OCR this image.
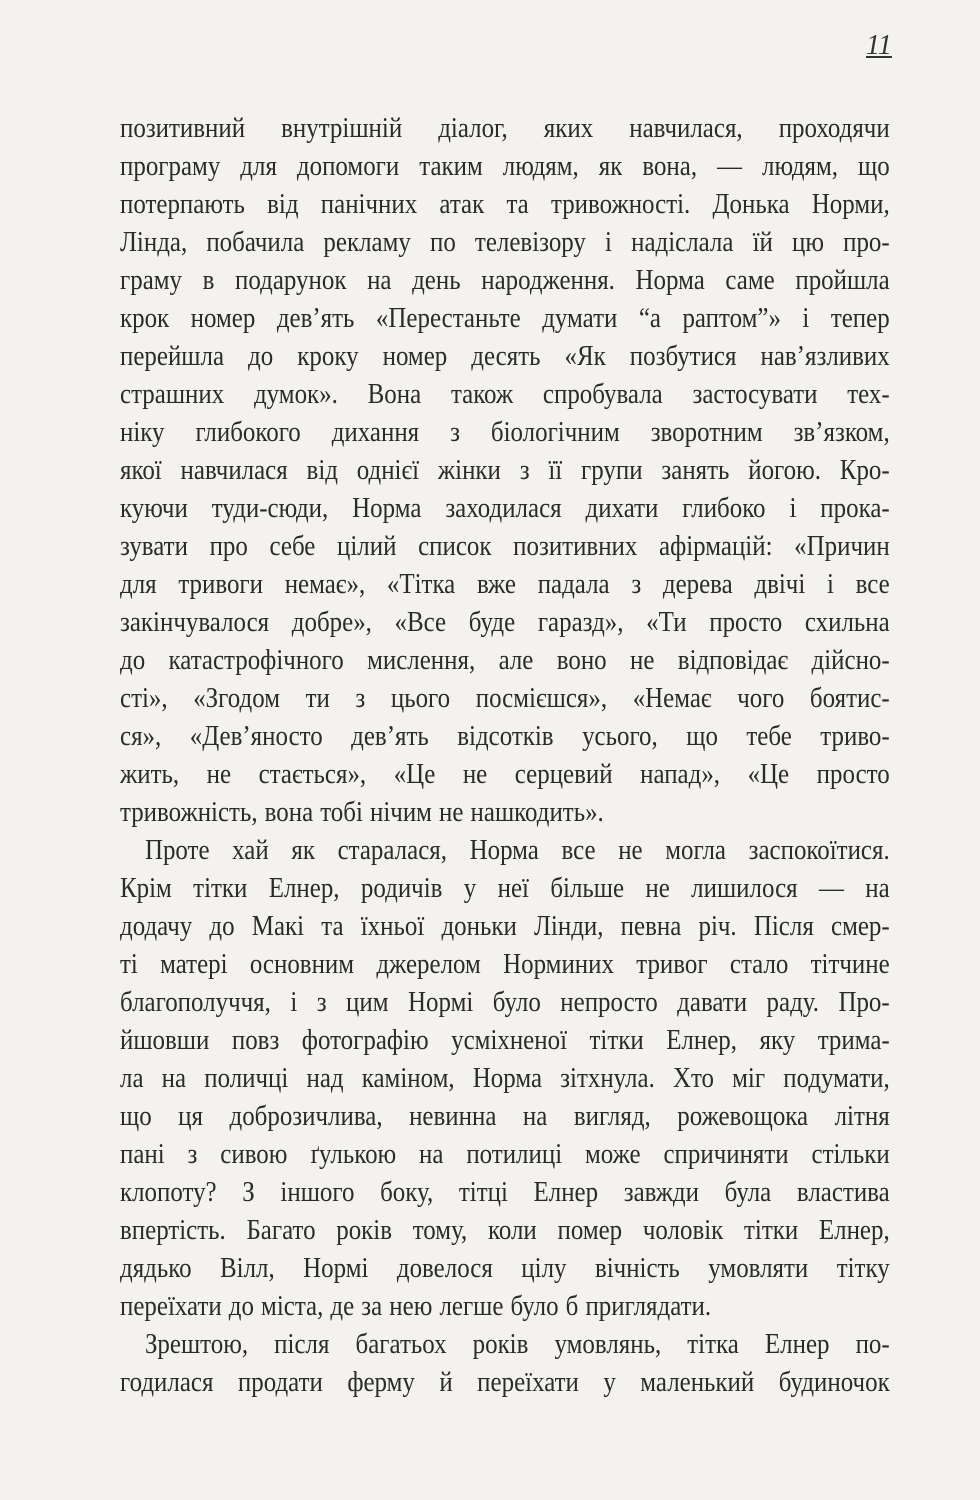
11
позитивний внутрішній діалог, яких навчилася, проходячи
програму для допомоги таким людям, як вона, — людям, що
потерпають від панічних атак та тривожності. Донька Норми,
Лінда, побачила рекламу по телевізору і надіслала їй цю про-
граму в подарунок на день народження. Норма саме пройшла
крок номер дев’ять «Перестаньте думати “а раптом”» і тепер
перейшла до кроку номер десять «Як позбутися нав’язливих
страшних думок». Вона також спробувала застосувати тех-
ніку глибокого дихання з біологічним зворотним зв’язком,
якої навчилася від однієї жінки з її групи занять йогою. Кро-
куючи туди-сюди, Норма заходилася дихати глибоко і прока-
зувати про себе цілий список позитивних афірмацій: «Причин
для тривоги немає», «Тітка вже падала з дерева двічі і все
закінчувалося добре», «Все буде гаразд», «Ти просто схильна
до катастрофічного мислення, але воно не відповідає дійсно-
сті», «Згодом ти з цього посмієшся», «Немає чого боятис-
ся», «Дев’яносто дев’ять відсотків усього, що тебе триво-
жить, не стається», «Це не серцевий напад», «Це просто
тривожність, вона тобі нічим не нашкодить».
Проте хай як старалася, Норма все не могла заспокоїтися.
Крім тітки Елнер, родичів у неї більше не лишилося — на
додачу до Макі та їхньої доньки Лінди, певна річ. Після смер-
ті матері основним джерелом Норминих тривог стало тітчине
благополуччя, і з цим Нормі було непросто давати раду. Про-
йшовши повз фотографію усміхненої тітки Елнер, яку трима-
ла на поличці над каміном, Норма зітхнула. Хто міг подумати,
що ця доброзичлива, невинна на вигляд, рожевощока літня
пані з сивою ґулькою на потилиці може спричиняти стільки
клопоту? З іншого боку, тітці Елнер завжди була властива
впертість. Багато років тому, коли помер чоловік тітки Елнер,
дядько Вілл, Нормі довелося цілу вічність умовляти тітку
переїхати до міста, де за нею легше було б приглядати.
Зрештою, після багатьох років умовлянь, тітка Елнер по-
годилася продати ферму й переїхати у маленький будиночок
